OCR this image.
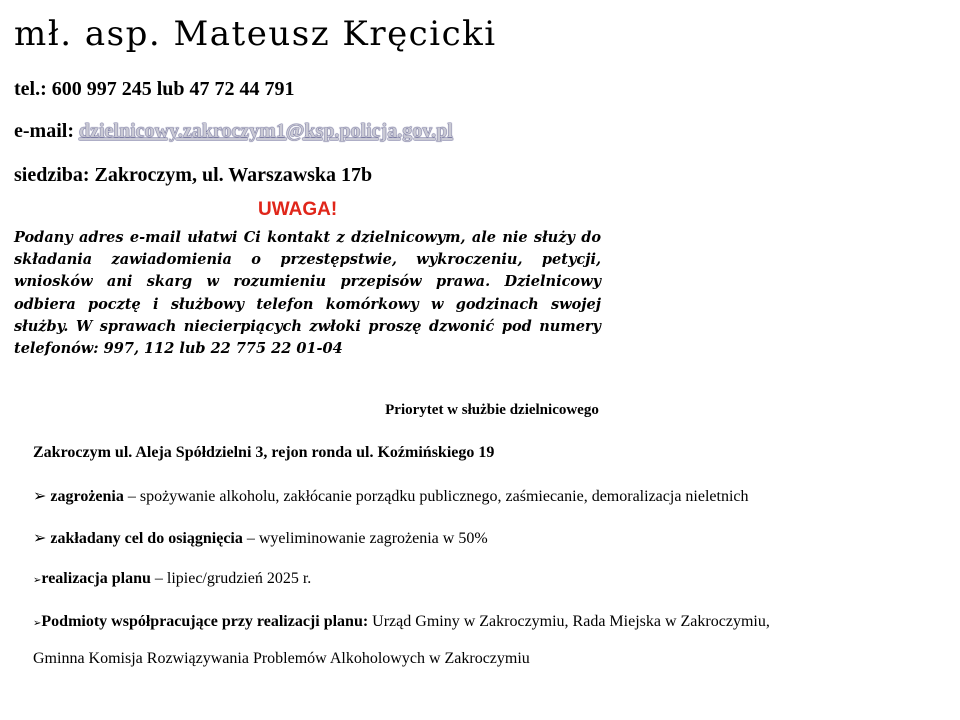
mł. asp. Mateusz Kręcicki
tel.: 600 997 245 lub 47 72 44 791
e-mail: dzielnicowy.zakroczym1@ksp.policja.gov.pl
siedziba: Zakroczym, ul. Warszawska 17b
UWAGA!
Podany adres e-mail ułatwi Ci kontakt z dzielnicowym, ale nie służy do składania zawiadomienia o przestępstwie, wykroczeniu, petycji, wniosków ani skarg w rozumieniu przepisów prawa. Dzielnicowy odbiera pocztę i służbowy telefon komórkowy w godzinach swojej służby. W sprawach niecierpiących zwłoki proszę dzwonić pod numery telefonów: 997, 112 lub 22 775 22 01-04
Priorytet w służbie dzielnicowego
Zakroczym ul. Aleja Spółdzielni 3, rejon ronda ul. Koźmińskiego 19
➢ zagrożenia – spożywanie alkoholu, zakłócanie porządku publicznego, zaśmiecanie, demoralizacja nieletnich
➢ zakładany cel do osiągnięcia – wyeliminowanie zagrożenia w 50%
➢realizacja planu – lipiec/grudzień 2025 r.
➢Podmioty współpracujące przy realizacji planu: Urząd Gminy w Zakroczymiu, Rada Miejska w Zakroczymiu,
Gminna Komisja Rozwiązywania Problemów Alkoholowych w Zakroczymiu
